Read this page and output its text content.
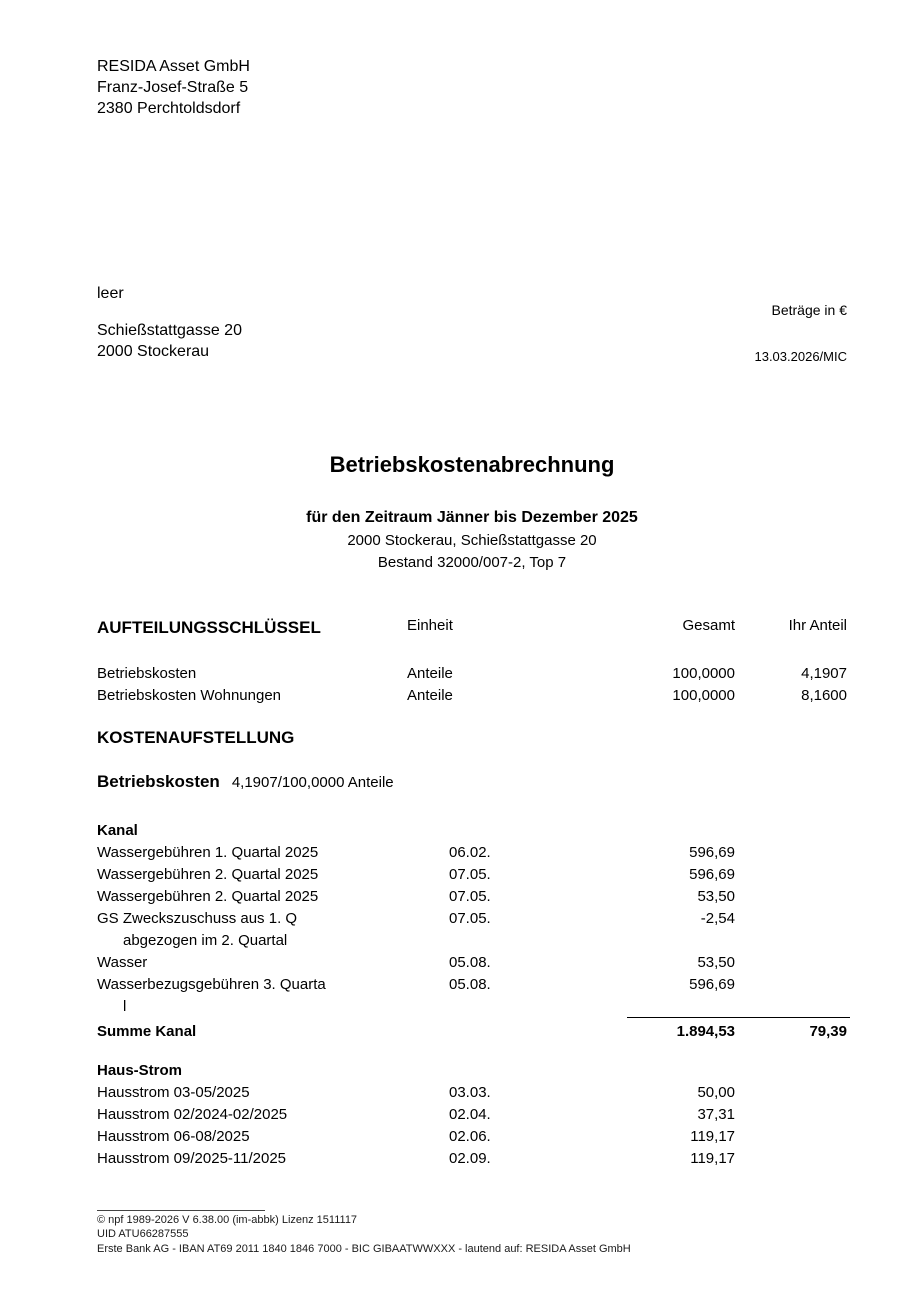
RESIDA Asset GmbH
Franz-Josef-Straße 5
2380 Perchtoldsdorf
leer
Beträge in €
Schießstattgasse 20
2000 Stockerau	13.03.2026/MIC
Betriebskostenabrechnung
für den Zeitraum Jänner bis Dezember 2025
2000 Stockerau, Schießstattgasse 20
Bestand 32000/007-2, Top 7
AUFTEILUNGSSCHLÜSSEL	Einheit	Gesamt	Ihr Anteil
Betriebskosten	Anteile	100,0000	4,1907
Betriebskosten Wohnungen	Anteile	100,0000	8,1600
KOSTENAUFSTELLUNG
Betriebskosten 4,1907/100,0000 Anteile
Kanal
Wassergebühren 1. Quartal 2025	06.02.	596,69
Wassergebühren 2. Quartal 2025	07.05.	596,69
Wassergebühren 2. Quartal 2025	07.05.	53,50
GS Zweckszuschuss aus 1. Q	07.05.	-2,54
abgezogen im 2. Quartal
Wasser	05.08.	53,50
Wasserbezugsgebühren 3. Quarta	05.08.	596,69
l
Summe Kanal	1.894,53	79,39
Haus-Strom
Hausstrom 03-05/2025	03.03.	50,00
Hausstrom 02/2024-02/2025	02.04.	37,31
Hausstrom 06-08/2025	02.06.	119,17
Hausstrom 09/2025-11/2025	02.09.	119,17
© npf 1989-2026 V 6.38.00 (im-abbk) Lizenz 1511117
UID ATU66287555
Erste Bank AG - IBAN AT69 2011 1840 1846 7000 - BIC GIBAATWWXXX - lautend auf: RESIDA Asset GmbH
